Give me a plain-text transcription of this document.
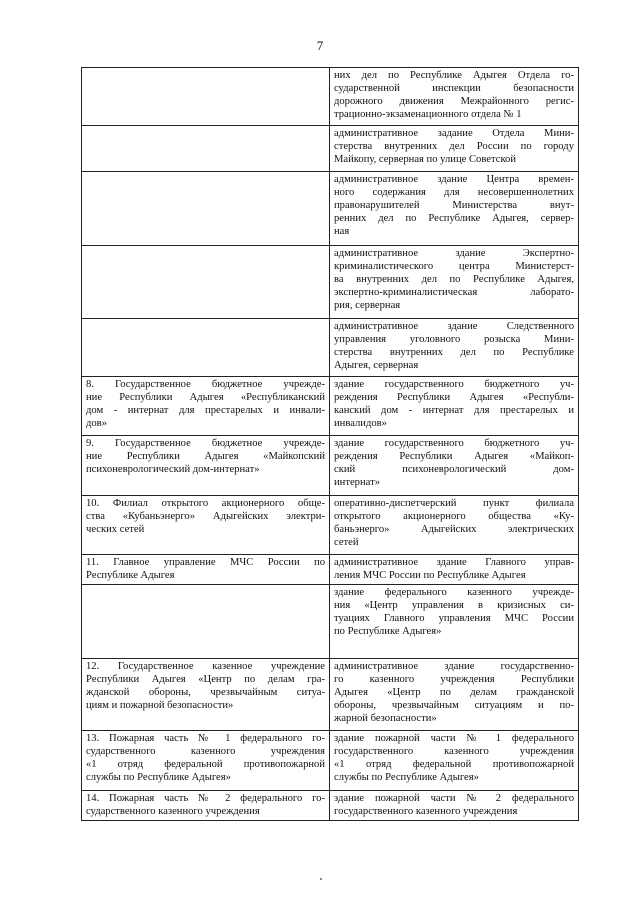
7

	них дел по Республике Адыгея Отдела го-
сударственной инспекции безопасности
дорожного движения Межрайонного регис-
трационно-экзаменационного отдела № 1

	административное задание Отдела Мини-
стерства внутренних дел России по городу
Майкопу, серверная по улице Советской

	административное здание Центра времен-
ного содержания для несовершеннолетних
правонарушителей Министерства внут-
ренних дел по Республике Адыгея, сервер-
ная

	административное здание Экспертно-
криминалистического центра Министерст-
ва внутренних дел по Республике Адыгея,
экспертно-криминалистическая лаборато-
рия, серверная

	административное здание Следственного
управления уголовного розыска Мини-
стерства внутренних дел по Республике
Адыгея, серверная

8. Государственное бюджетное учрежде-
ние Республики Адыгея «Республиканский
дом - интернат для престарелых и инвали-
дов»	здание государственного бюджетного уч-
реждения Республики Адыгея «Республи-
канский дом - интернат для престарелых и
инвалидов»

9. Государственное бюджетное учрежде-
ние Республики Адыгея «Майкопский
психоневрологический дом-интернат»	здание государственного бюджетного уч-
реждения Республики Адыгея «Майкоп-
ский психоневрологический дом-
интернат»

10. Филиал открытого акционерного обще-
ства «Кубаньэнерго» Адыгейских электри-
ческих сетей	оперативно-диспетчерский пункт филиала
открытого акционерного общества «Ку-
баньэнерго» Адыгейских электрических
сетей

11. Главное управление МЧС России по
Республике Адыгея	административное здание Главного управ-
ления МЧС России по Республике Адыгея

	здание федерального казенного учрежде-
ния «Центр управления в кризисных си-
туациях Главного управления МЧС России
по Республике Адыгея»

12. Государственное казенное учреждение
Республики Адыгея «Центр по делам гра-
жданской обороны, чрезвычайным ситуа-
циям и пожарной безопасности»	административное здание государственно-
го казенного учреждения Республики
Адыгея «Центр по делам гражданской
обороны, чрезвычайным ситуациям и по-
жарной безопасности»

13. Пожарная часть № 1 федерального го-
сударственного казенного учреждения
«1 отряд федеральной противопожарной
службы по Республике Адыгея»	здание пожарной части № 1 федерального
государственного казенного учреждения
«1 отряд федеральной противопожарной
службы по Республике Адыгея»

14. Пожарная часть № 2 федерального го-
сударственного казенного учреждения	здание пожарной части № 2 федерального
государственного казенного учреждения
